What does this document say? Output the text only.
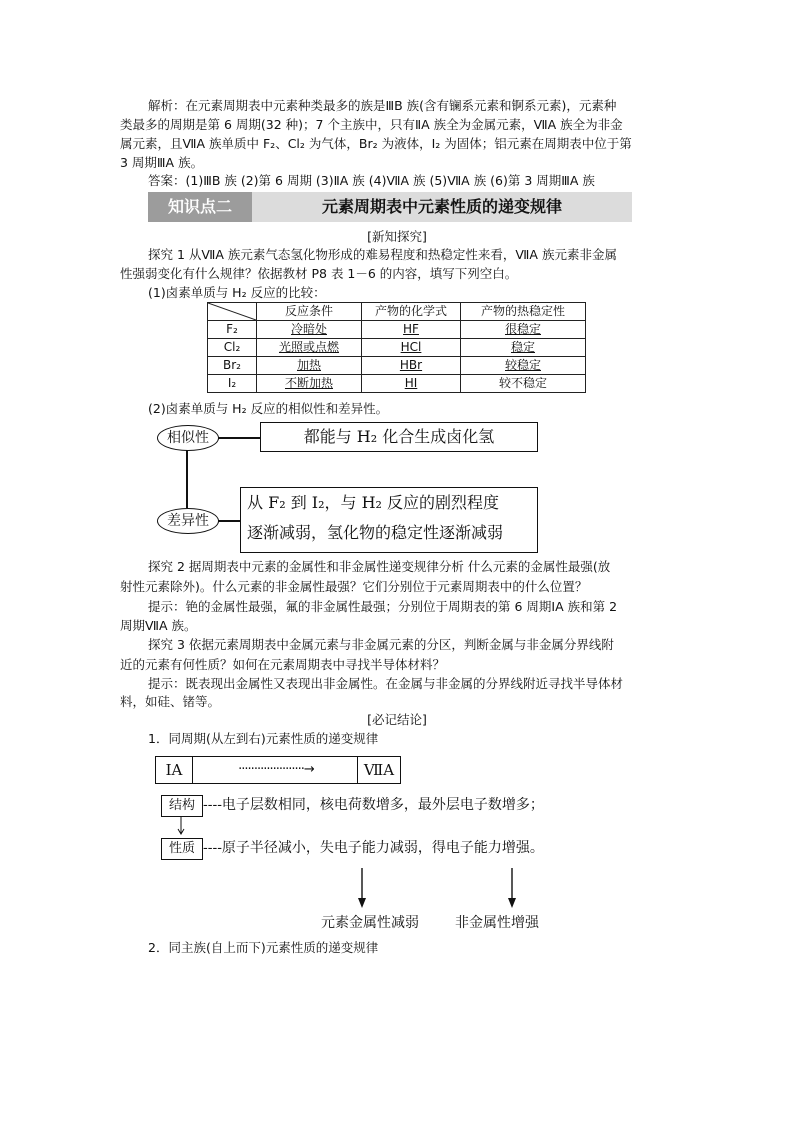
解析：在元素周期表中元素种类最多的族是ⅢB 族(含有镧系元素和锕系元素)，元素种
类最多的周期是第 6 周期(32 种)；7 个主族中，只有ⅡA 族全为金属元素，ⅦA 族全为非金
属元素，且ⅦA 族单质中 F₂、Cl₂ 为气体，Br₂ 为液体，I₂ 为固体；铝元素在周期表中位于第
3 周期ⅢA 族。
答案：(1)ⅢB 族 (2)第 6 周期 (3)ⅡA 族 (4)ⅦA 族 (5)ⅦA 族 (6)第 3 周期ⅢA 族
知识点二	元素周期表中元素性质的递变规律
[新知探究]
探究 1 从ⅦA 族元素气态氢化物形成的难易程度和热稳定性来看，ⅦA 族元素非金属
性强弱变化有什么规律？依据教材 P8 表 1－6 的内容，填写下列空白。
(1)卤素单质与 H₂ 反应的比较：
	反应条件	产物的化学式	产物的热稳定性
F₂	冷暗处	HF	很稳定
Cl₂	光照或点燃	HCl	稳定
Br₂	加热	HBr	较稳定
I₂	不断加热	HI	较不稳定
(2)卤素单质与 H₂ 反应的相似性和差异性。
相似性	都能与 H₂ 化合生成卤化氢
差异性
从 F₂ 到 I₂，与 H₂ 反应的剧烈程度
逐渐减弱，氢化物的稳定性逐渐减弱
探究 2 据周期表中元素的金属性和非金属性递变规律分析 什么元素的金属性最强(放
射性元素除外)。什么元素的非金属性最强？它们分别位于元素周期表中的什么位置？
提示：铯的金属性最强，氟的非金属性最强；分别位于周期表的第 6 周期ⅠA 族和第 2
周期ⅦA 族。
探究 3 依据元素周期表中金属元素与非金属元素的分区，判断金属与非金属分界线附
近的元素有何性质？如何在元素周期表中寻找半导体材料？
提示：既表现出金属性又表现出非金属性。在金属与非金属的分界线附近寻找半导体材
料，如硅、锗等。
[必记结论]
1．同周期(从左到右)元素性质的递变规律
ⅠA	·····················→	ⅦA
结构 ----电子层数相同，核电荷数增多，最外层电子数增多；
性质 ----原子半径减小，失电子能力减弱，得电子能力增强。
元素金属性减弱	非金属性增强
2．同主族(自上而下)元素性质的递变规律
